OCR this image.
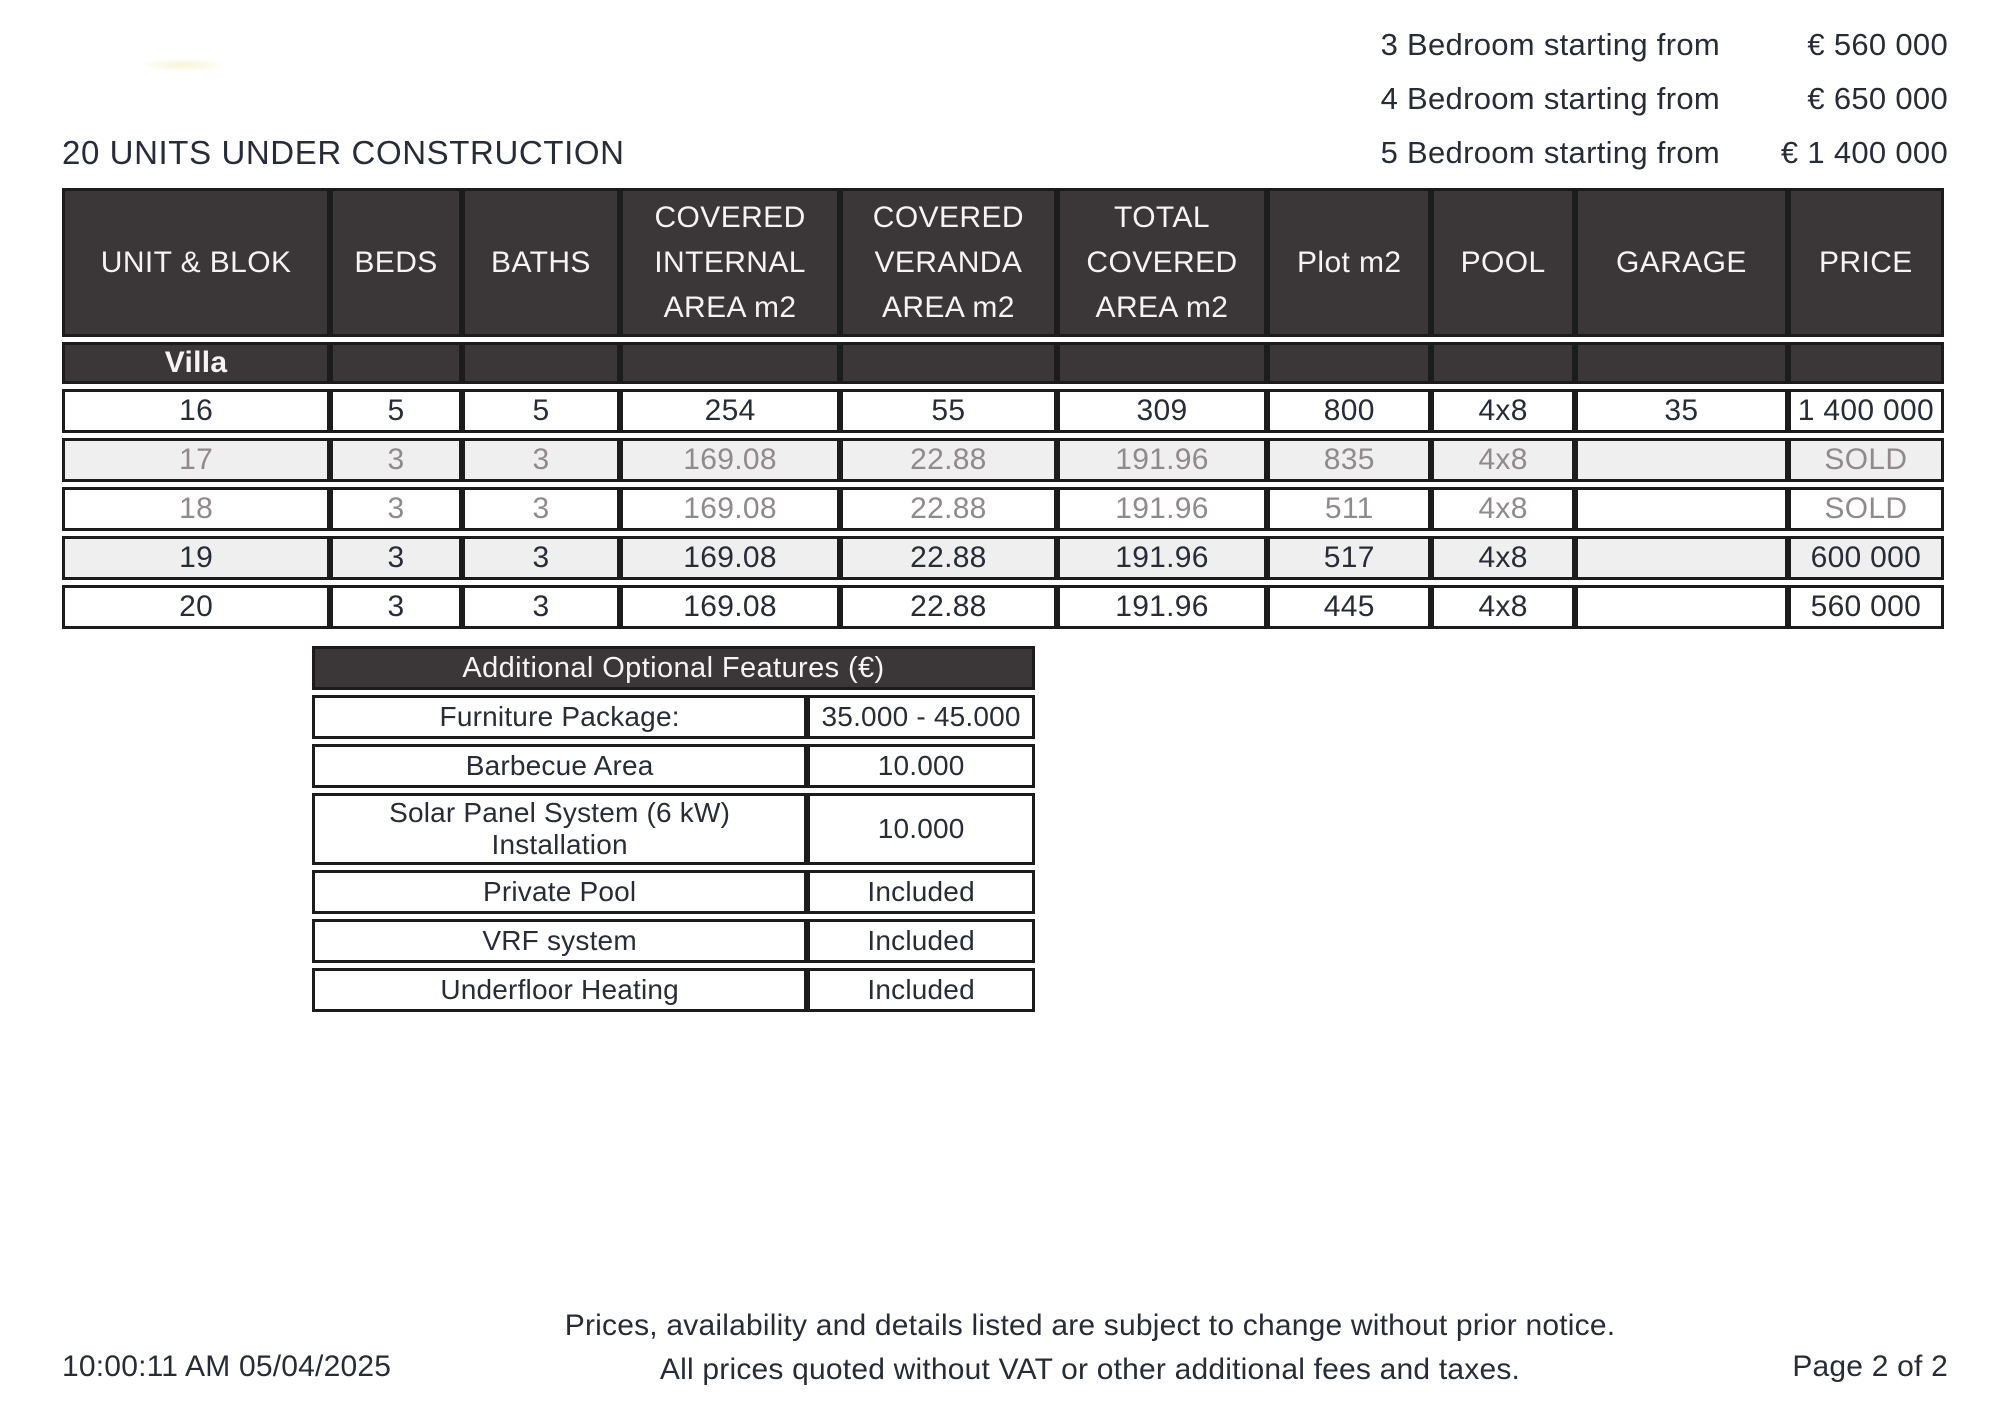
3 Bedroom starting from	€ 560 000
4 Bedroom starting from	€ 650 000
5 Bedroom starting from	€ 1 400 000
20 UNITS UNDER CONSTRUCTION
UNIT & BLOK	BEDS	BATHS	COVERED INTERNAL AREA m2	COVERED VERANDA AREA m2	TOTAL COVERED AREA m2	Plot m2	POOL	GARAGE	PRICE
Villa									
16	5	5	254	55	309	800	4x8	35	1 400 000
17	3	3	169.08	22.88	191.96	835	4x8		SOLD
18	3	3	169.08	22.88	191.96	511	4x8		SOLD
19	3	3	169.08	22.88	191.96	517	4x8		600 000
20	3	3	169.08	22.88	191.96	445	4x8		560 000
Additional Optional Features (€)	
Furniture Package:	35.000 - 45.000
Barbecue Area	10.000
Solar Panel System (6 kW) Installation	10.000
Private Pool	Included
VRF system	Included
Underfloor Heating	Included
Prices, availability and details listed are subject to change without prior notice.
All prices quoted without VAT or other additional fees and taxes.
10:00:11 AM 05/04/2025	Page 2 of 2
